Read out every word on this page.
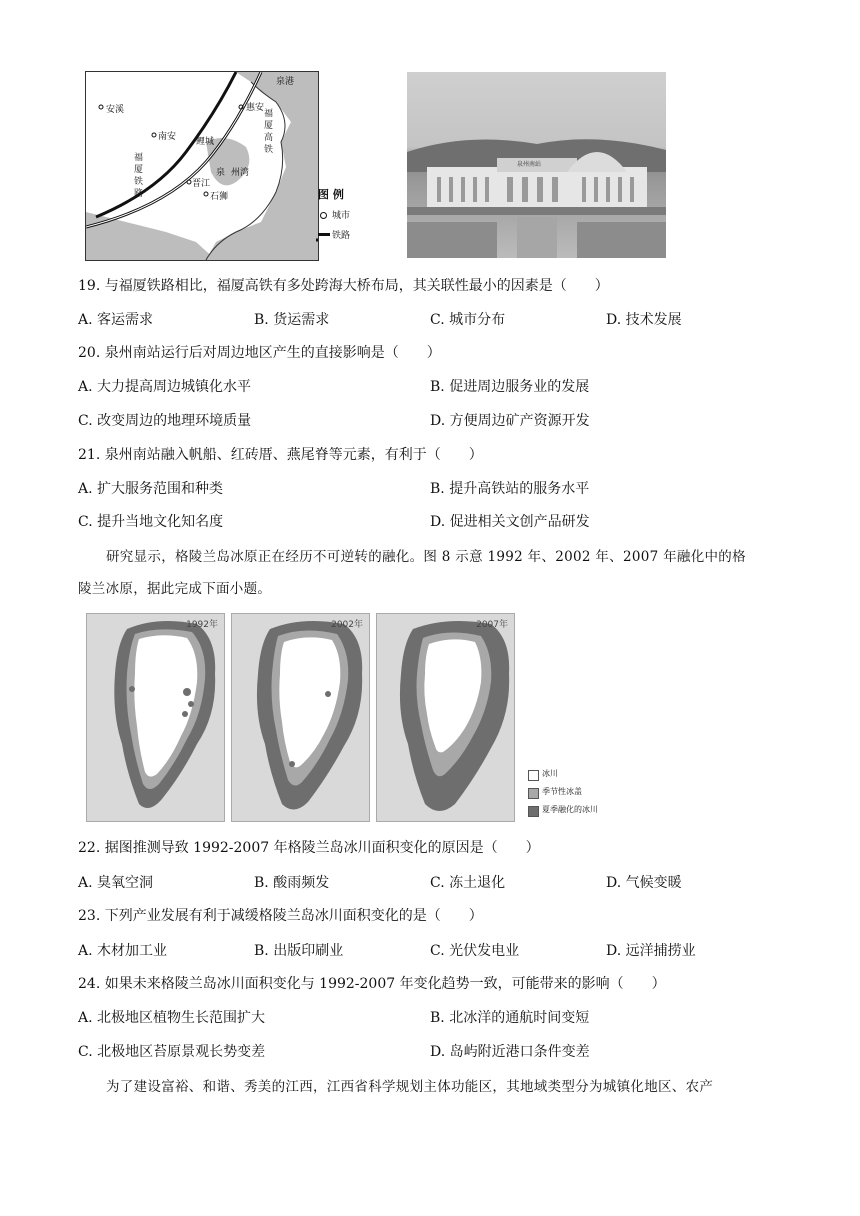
泉港
安溪	惠安
南安 鲤城
泉
晋江
石狮
州湾
福厦铁路
福厦高铁
图 例
城市
铁路
泉州南站
19. 与福厦铁路相比，福厦高铁有多处跨海大桥布局，其关联性最小的因素是（　　）
A. 客运需求	B. 货运需求	C. 城市分布	D. 技术发展
20. 泉州南站运行后对周边地区产生的直接影响是（　　）
A. 大力提高周边城镇化水平	B. 促进周边服务业的发展
C. 改变周边的地理环境质量	D. 方便周边矿产资源开发
21. 泉州南站融入帆船、红砖厝、燕尾脊等元素，有利于（　　）
A. 扩大服务范围和种类	B. 提升高铁站的服务水平
C. 提升当地文化知名度	D. 促进相关文创产品研发
研究显示，格陵兰岛冰原正在经历不可逆转的融化。图 8 示意 1992 年、2002 年、2007 年融化中的格
陵兰冰原，据此完成下面小题。
1992年	2002年	2007年
冰川
季节性冰盖
夏季融化的冰川
22. 据图推测导致 1992-2007 年格陵兰岛冰川面积变化的原因是（　　）
A. 臭氧空洞	B. 酸雨频发	C. 冻土退化	D. 气候变暖
23. 下列产业发展有利于减缓格陵兰岛冰川面积变化的是（　　）
A. 木材加工业	B. 出版印刷业	C. 光伏发电业	D. 远洋捕捞业
24. 如果未来格陵兰岛冰川面积变化与 1992-2007 年变化趋势一致，可能带来的影响（　　）
A. 北极地区植物生长范围扩大	B. 北冰洋的通航时间变短
C. 北极地区苔原景观长势变差	D. 岛屿附近港口条件变差
为了建设富裕、和谐、秀美的江西，江西省科学规划主体功能区，其地域类型分为城镇化地区、农产
